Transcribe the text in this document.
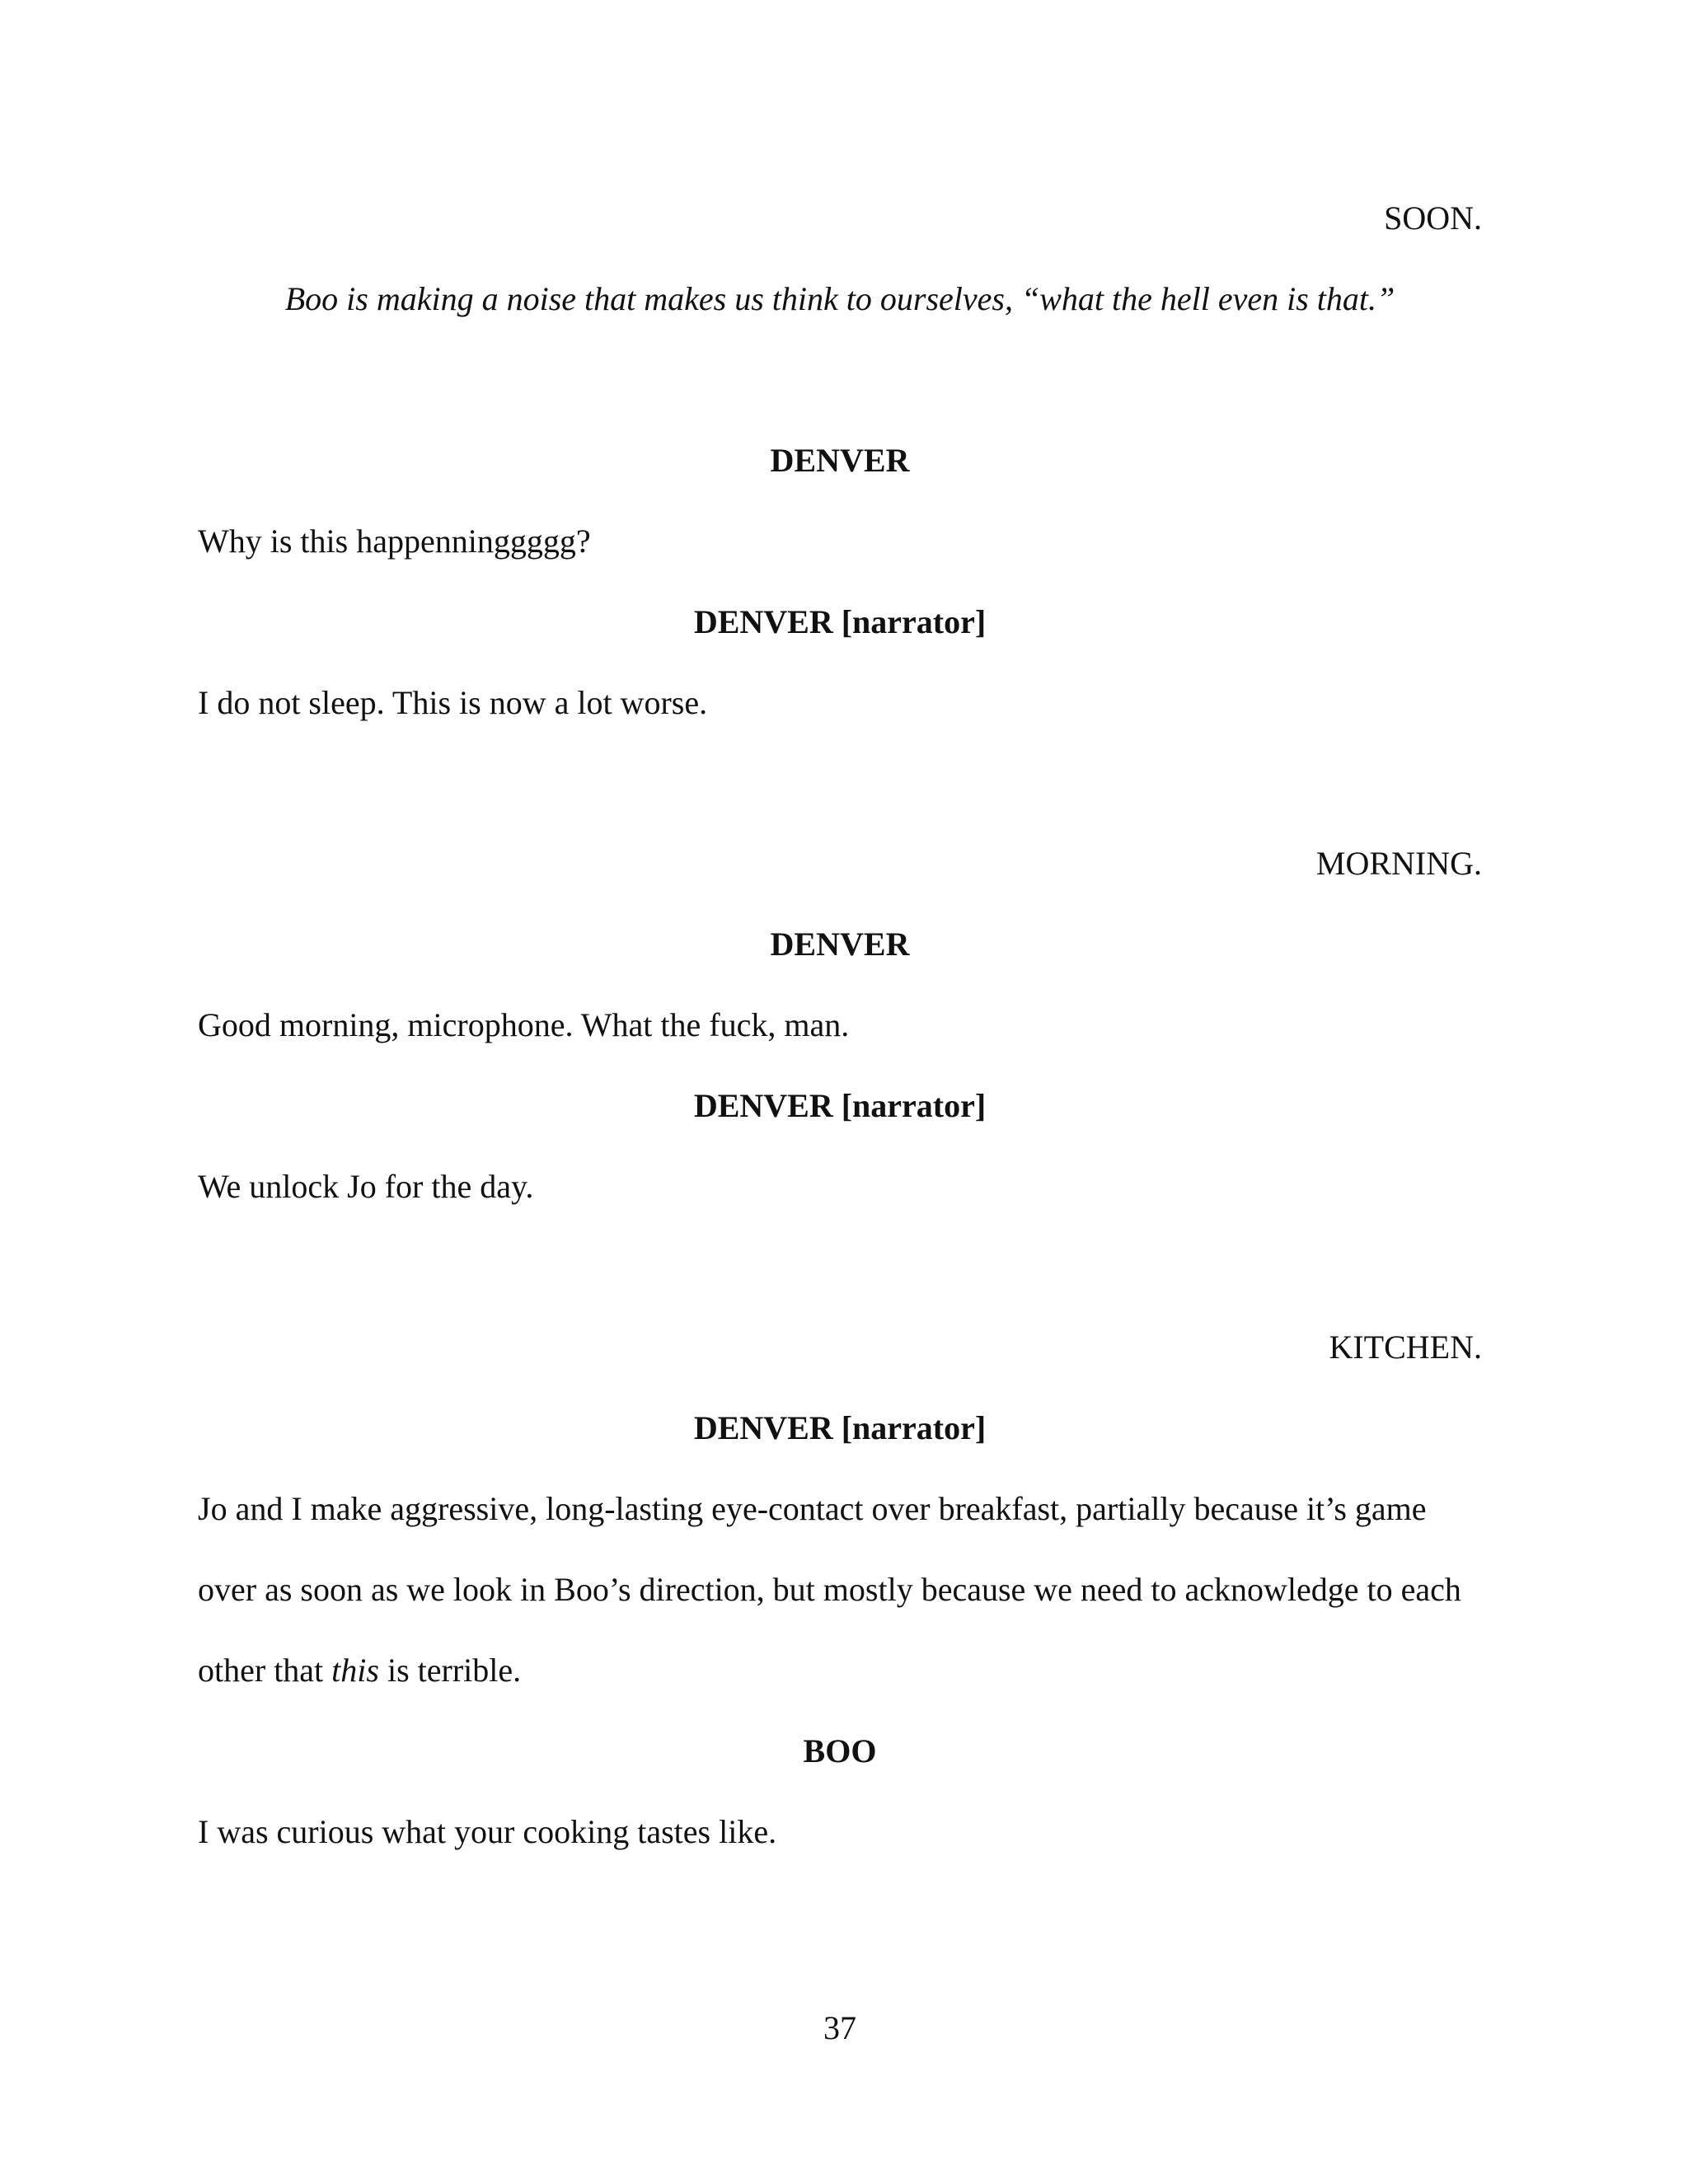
SOON.

Boo is making a noise that makes us think to ourselves, “what the hell even is that.”

DENVER

Why is this happenninggggg?

DENVER [narrator]

I do not sleep. This is now a lot worse.

MORNING.

DENVER

Good morning, microphone. What the fuck, man.

DENVER [narrator]

We unlock Jo for the day.

KITCHEN.

DENVER [narrator]

Jo and I make aggressive, long-lasting eye-contact over breakfast, partially because it’s game

over as soon as we look in Boo’s direction, but mostly because we need to acknowledge to each

other that this is terrible.

BOO

I was curious what your cooking tastes like.

37
